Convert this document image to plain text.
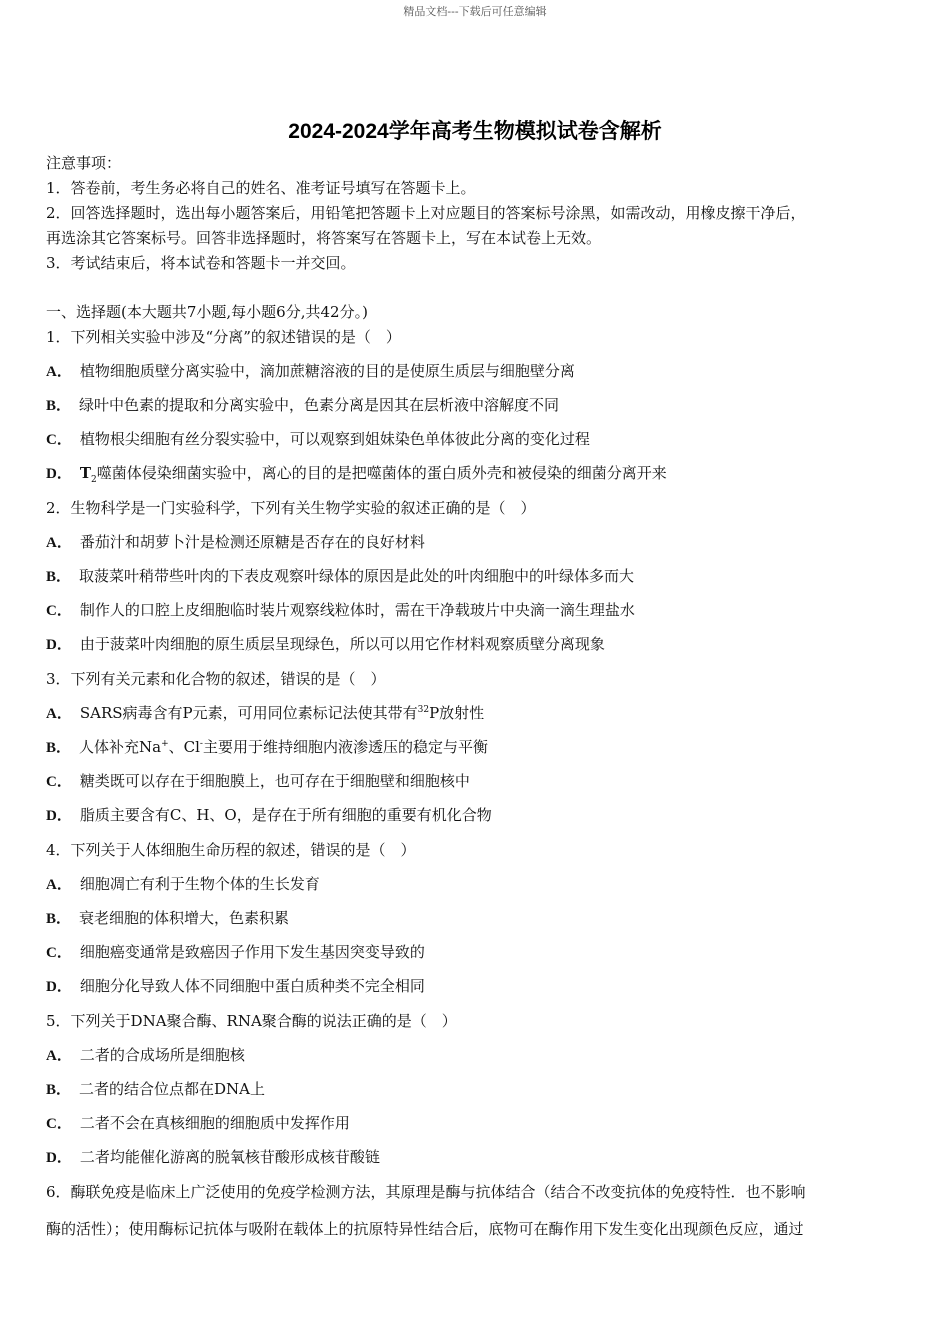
精品文档---下载后可任意编辑
2024-2024学年高考生物模拟试卷含解析
注意事项：
1．答卷前，考生务必将自己的姓名、准考证号填写在答题卡上。
2．回答选择题时，选出每小题答案后，用铅笔把答题卡上对应题目的答案标号涂黑，如需改动，用橡皮擦干净后，
再选涂其它答案标号。回答非选择题时，将答案写在答题卡上，写在本试卷上无效。
3．考试结束后，将本试卷和答题卡一并交回。
一、选择题(本大题共7小题,每小题6分,共42分。)
1．下列相关实验中涉及“分离”的叙述错误的是（　）
A． 植物细胞质壁分离实验中，滴加蔗糖溶液的目的是使原生质层与细胞壁分离
B． 绿叶中色素的提取和分离实验中，色素分离是因其在层析液中溶解度不同
C． 植物根尖细胞有丝分裂实验中，可以观察到姐妹染色单体彼此分离的变化过程
D． $T_2$噬菌体侵染细菌实验中，离心的目的是把噬菌体的蛋白质外壳和被侵染的细菌分离开来
2．生物科学是一门实验科学，下列有关生物学实验的叙述正确的是（　）
A． 番茄汁和胡萝卜汁是检测还原糖是否存在的良好材料
B． 取菠菜叶稍带些叶肉的下表皮观察叶绿体的原因是此处的叶肉细胞中的叶绿体多而大
C． 制作人的口腔上皮细胞临时装片观察线粒体时，需在干净载玻片中央滴一滴生理盐水
D． 由于菠菜叶肉细胞的原生质层呈现绿色，所以可以用它作材料观察质壁分离现象
3．下列有关元素和化合物的叙述，错误的是（　）
A． SARS病毒含有P元素，可用同位素标记法使其带有$^{32}$P放射性
B． 人体补充Na+、Cl-主要用于维持细胞内液渗透压的稳定与平衡
C． 糖类既可以存在于细胞膜上，也可存在于细胞壁和细胞核中
D． 脂质主要含有C、H、O，是存在于所有细胞的重要有机化合物
4．下列关于人体细胞生命历程的叙述，错误的是（　）
A． 细胞凋亡有利于生物个体的生长发育
B． 衰老细胞的体积增大，色素积累
C． 细胞癌变通常是致癌因子作用下发生基因突变导致的
D． 细胞分化导致人体不同细胞中蛋白质种类不完全相同
5．下列关于DNA聚合酶、RNA聚合酶的说法正确的是（　）
A． 二者的合成场所是细胞核
B． 二者的结合位点都在DNA上
C． 二者不会在真核细胞的细胞质中发挥作用
D． 二者均能催化游离的脱氧核苷酸形成核苷酸链
6．酶联免疫是临床上广泛使用的免疫学检测方法，其原理是酶与抗体结合（结合不改变抗体的免疫特性．也不影响
酶的活性）；使用酶标记抗体与吸附在载体上的抗原特异性结合后，底物可在酶作用下发生变化出现颜色反应，通过
